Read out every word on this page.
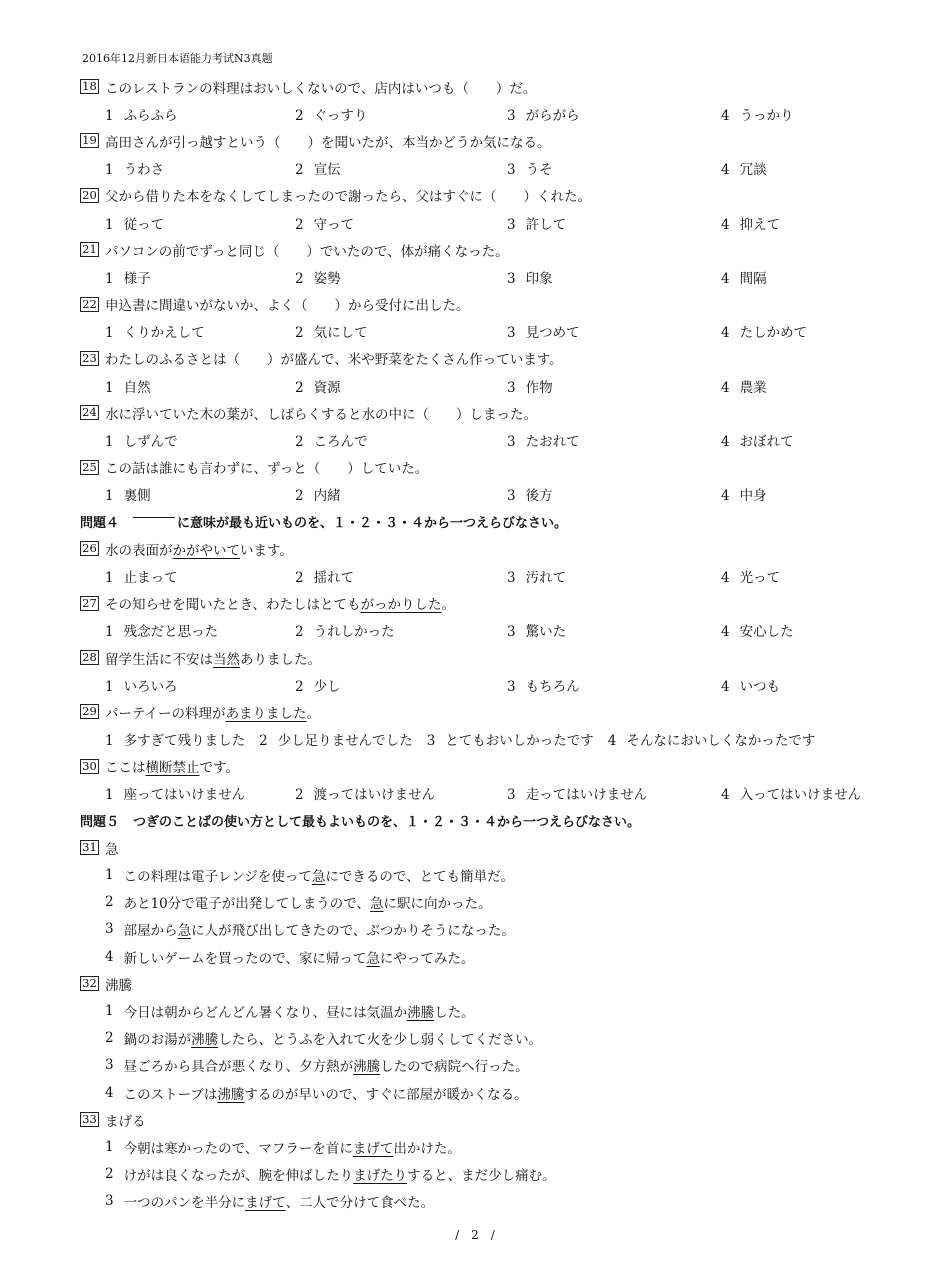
2016年12月新日本语能力考试N3真题
18 このレストランの料理はおいしくないので、店内はいつも（　　）だ。
1 ふらふら	2 ぐっすり	3 がらがら	4 うっかり
19 高田さんが引っ越すという（　　）を聞いたが、本当かどうか気になる。
1 うわさ	2 宣伝	3 うそ	4 冗談
20 父から借りた本をなくしてしまったので謝ったら、父はすぐに（　　）くれた。
1 従って	2 守って	3 許して	4 抑えて
21 パソコンの前でずっと同じ（　　）でいたので、体が痛くなった。
1 様子	2 姿勢	3 印象	4 間隔
22 申込書に間違いがないか、よく（　　）から受付に出した。
1 くりかえして	2 気にして	3 見つめて	4 たしかめて
23 わたしのふるさとは（　　）が盛んで、米や野菜をたくさん作っています。
1 自然	2 資源	3 作物	4 農業
24 水に浮いていた木の葉が、しばらくすると水の中に（　　）しまった。
1 しずんで	2 ころんで	3 たおれて	4 おぼれて
25 この話は誰にも言わずに、ずっと（　　）していた。
1 裏側	2 内緒	3 後方	4 中身
問題４	に意味が最も近いものを、１・２・３・４から一つえらびなさい。
26 水の表面が かがやいて います。
1 止まって	2 揺れて	3 汚れて	4 光って
27 その知らせを聞いたとき、わたしはとても がっかりした 。
1 残念だと思った	2 うれしかった	3 驚いた	4 安心した
28 留学生活に不安は 当然 ありました。
1 いろいろ	2 少し	3 もちろん	4 いつも
29 パーテイーの料理が あまりました 。
1 多すぎて残りました 2 少し足りませんでした 3 とてもおいしかったです 4 そんなにおいしくなかったです
30 ここは 横断禁止 です。
1 座ってはいけません	2 渡ってはいけません	3 走ってはいけません	4 入ってはいけません
問題５ つぎのことばの使い方として最もよいものを、１・２・３・４から一つえらびなさい。
31 急
1 この料理は電子レンジを使って 急 にできるので、とても簡単だ。
2 あと10分で電子が出発してしまうので、 急 に駅に向かった。
3 部屋から 急 に人が飛び出してきたので、ぶつかりそうになった。
4 新しいゲームを買ったので、家に帰って 急 にやってみた。
32 沸騰
1 今日は朝からどんどん暑くなり、昼には気温か 沸騰 した。
2 鍋のお湯が 沸騰 したら、とうふを入れて火を少し弱くしてください。
3 昼ごろから具合が悪くなり、夕方熱が 沸騰 したので病院へ行った。
4 このストーブは 沸騰 するのが早いので、すぐに部屋が暖かくなる。
33 まげる
1 今朝は寒かったので、マフラーを首に まげて 出かけた。
2 けがは良くなったが、腕を伸ばしたり まげたり すると、まだ少し痛む。
3 一つのパンを半分に まげて 、二人で分けて食べた。
/　2　/
